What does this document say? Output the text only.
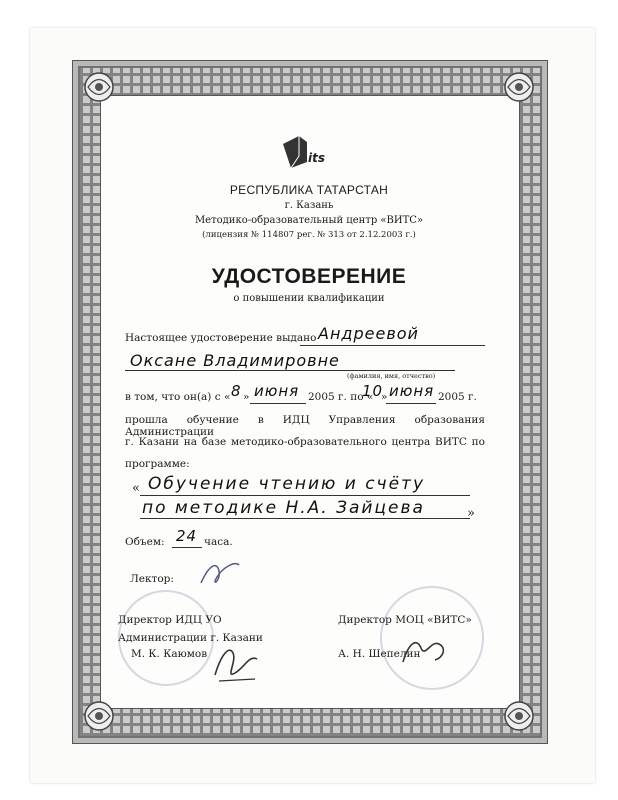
its
РЕСПУБЛИКА ТАТАРСТАН
г. Казань
Методико-образовательный центр «ВИТС»
(лицензия № 114807 рег. № 313 от 2.12.2003 г.)
УДОСТОВЕРЕНИЕ
о повышении квалификации
Настоящее удостоверение выдано Андреевой
Оксане Владимировне
(фамилия, имя, отчество)
в том, что он(а) с « 8 » июня 2005 г. по «
10
» июня 2005 г.
прошла обучение в ИДЦ Управления образования Администрации
г. Казани на базе методико-образовательного центра ВИТС по
программе:
« Обучение чтению и счёту
по методике Н.А. Зайцева	»
Объем: 24 часа.
Лектор:
Директор ИДЦ УО
Администрации г. Казани
М. К. Каюмов
Директор МОЦ «ВИТС»
А. Н. Шепелин
